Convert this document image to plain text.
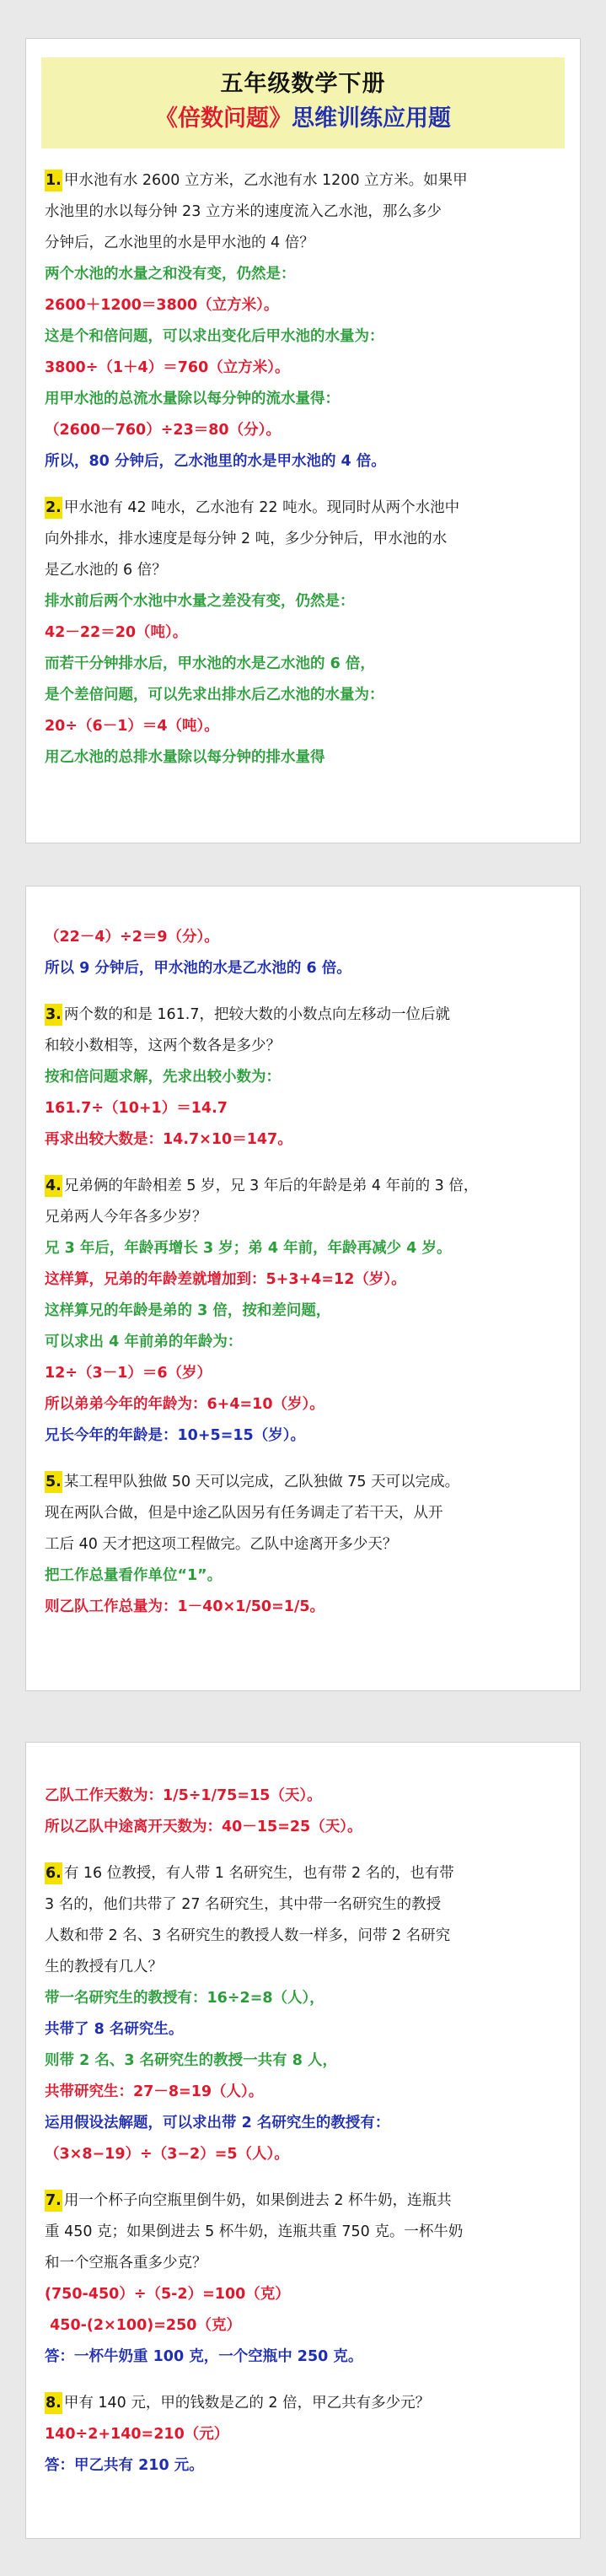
五年级数学下册
《倍数问题》思维训练应用题
1. 甲水池有水 2600 立方米，乙水池有水 1200 立方米。如果甲
水池里的水以每分钟 23 立方米的速度流入乙水池，那么多少
分钟后，乙水池里的水是甲水池的 4 倍？
两个水池的水量之和没有变，仍然是：
2600＋1200＝3800（立方米）。
这是个和倍问题，可以求出变化后甲水池的水量为：
3800÷（1＋4）＝760（立方米）。
用甲水池的总流水量除以每分钟的流水量得：
（2600－760）÷23＝80（分）。
所以，80 分钟后，乙水池里的水是甲水池的 4 倍。
2. 甲水池有 42 吨水，乙水池有 22 吨水。现同时从两个水池中
向外排水，排水速度是每分钟 2 吨，多少分钟后，甲水池的水
是乙水池的 6 倍？
排水前后两个水池中水量之差没有变，仍然是：
42－22＝20（吨）。
而若干分钟排水后，甲水池的水是乙水池的 6 倍，
是个差倍问题，可以先求出排水后乙水池的水量为：
20÷（6－1）＝4（吨）。
用乙水池的总排水量除以每分钟的排水量得
（22－4）÷2＝9（分）。
所以 9 分钟后，甲水池的水是乙水池的 6 倍。
3. 两个数的和是 161.7，把较大数的小数点向左移动一位后就
和较小数相等，这两个数各是多少？
按和倍问题求解，先求出较小数为：
161.7÷（10+1）＝14.7
再求出较大数是：14.7×10＝147。
4. 兄弟俩的年龄相差 5 岁，兄 3 年后的年龄是弟 4 年前的 3 倍，
兄弟两人今年各多少岁？
兄 3 年后，年龄再增长 3 岁；弟 4 年前，年龄再减少 4 岁。
这样算，兄弟的年龄差就增加到：5+3+4=12（岁）。
这样算兄的年龄是弟的 3 倍，按和差问题，
可以求出 4 年前弟的年龄为：
12÷（3－1）＝6（岁）
所以弟弟今年的年龄为：6+4=10（岁）。
兄长今年的年龄是：10+5=15（岁）。
5. 某工程甲队独做 50 天可以完成，乙队独做 75 天可以完成。
现在两队合做，但是中途乙队因另有任务调走了若干天，从开
工后 40 天才把这项工程做完。乙队中途离开多少天？
把工作总量看作单位“1”。
则乙队工作总量为：1－40×1/50=1/5。
乙队工作天数为：1/5÷1/75=15（天）。
所以乙队中途离开天数为：40－15=25（天）。
6. 有 16 位教授，有人带 1 名研究生，也有带 2 名的，也有带
3 名的，他们共带了 27 名研究生，其中带一名研究生的教授
人数和带 2 名、3 名研究生的教授人数一样多，问带 2 名研究
生的教授有几人？
带一名研究生的教授有：16÷2=8（人），
共带了 8 名研究生。
则带 2 名、3 名研究生的教授一共有 8 人，
共带研究生：27－8=19（人）。
运用假设法解题，可以求出带 2 名研究生的教授有：
（3×8−19）÷（3−2）=5（人）。
7. 用一个杯子向空瓶里倒牛奶，如果倒进去 2 杯牛奶，连瓶共
重 450 克；如果倒进去 5 杯牛奶，连瓶共重 750 克。一杯牛奶
和一个空瓶各重多少克？
(750-450）÷（5-2）=100（克）
450-(2×100)=250（克）
答：一杯牛奶重 100 克，一个空瓶中 250 克。
8. 甲有 140 元，甲的钱数是乙的 2 倍，甲乙共有多少元？
140÷2+140=210（元）
答：甲乙共有 210 元。
